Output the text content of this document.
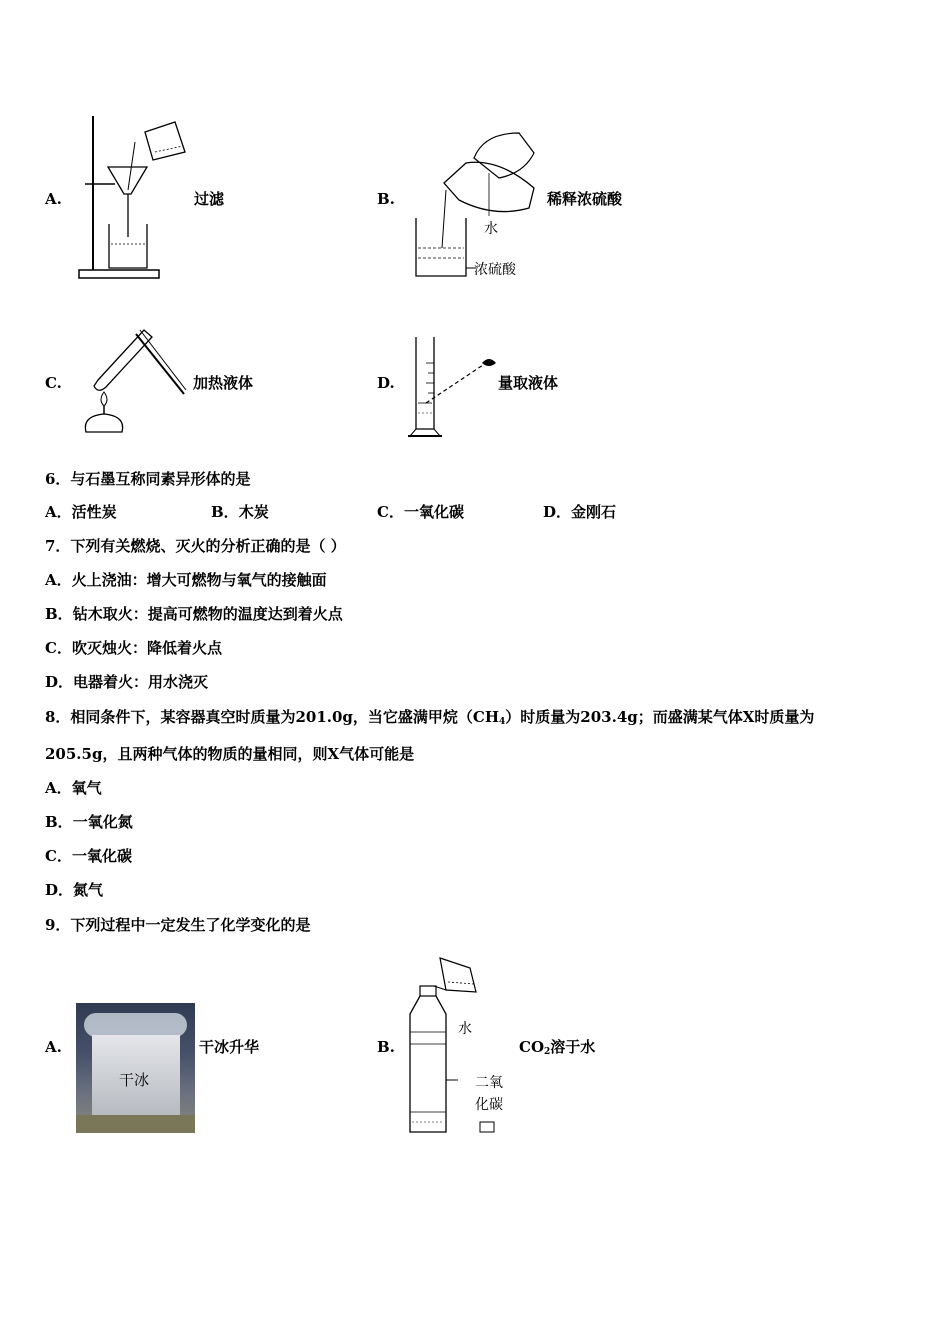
A.	过滤	B.
水
浓硫酸
稀释浓硫酸
C.	加热液体	D.	量取液体
6．与石墨互称同素异形体的是
A．活性炭	B．木炭	C．一氧化碳	D．金刚石
7．下列有关燃烧、灭火的分析正确的是（ ）
A．火上浇油：增大可燃物与氧气的接触面
B．钻木取火：提高可燃物的温度达到着火点
C．吹灭烛火：降低着火点
D．电器着火：用水浇灭
8．相同条件下，某容器真空时质量为201.0g，当它盛满甲烷$(CH_4)$时质量为203.4g；而盛满某气体X时质量为
205.5g，且两种气体的物质的量相同，则X气体可能是
A．氧气
B．一氧化氮
C．一氧化碳
D．氮气
9．下列过程中一定发生了化学变化的是
A.
干冰
干冰升华	B.
水
二氧
化碳
$CO_2$溶于水
